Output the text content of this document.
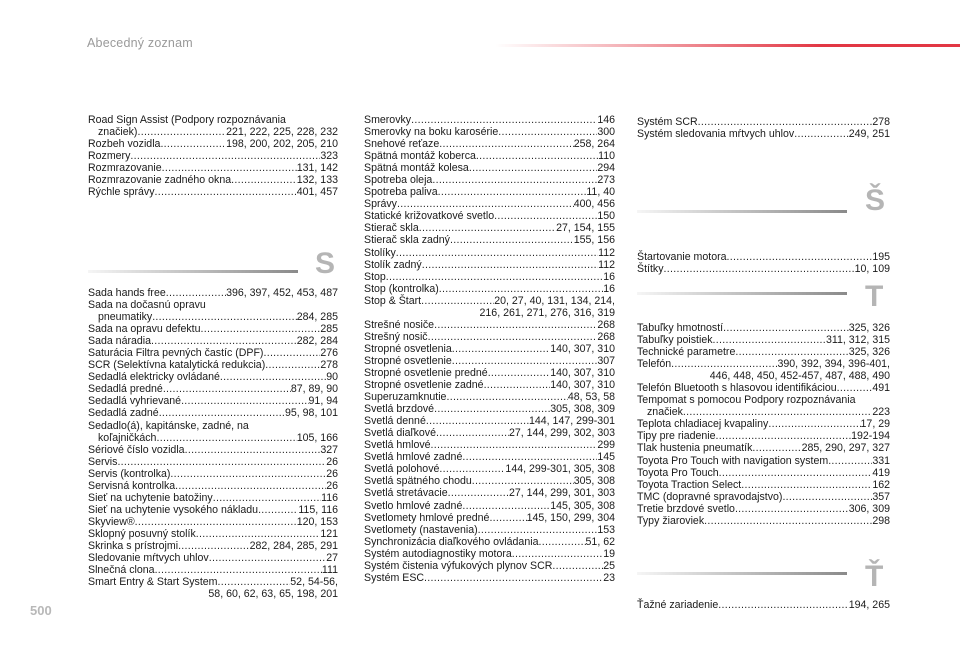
Abecedný zoznam
Road Sign Assist (Podpory rozpoznávania
značiek) .....	221, 222, 225, 228, 232
Rozbeh vozidla .....	198, 200, 202, 205, 210
Rozmery .....	323
Rozmrazovanie .....	131, 142
Rozmrazovanie zadného okna .....	132, 133
Rýchle správy .....	401, 457
S
Sada hands free .....	396, 397, 452, 453, 487
Sada na dočasnú opravu
pneumatiky .....	284, 285
Sada na opravu defektu .....	285
Sada náradia .....	282, 284
Saturácia Filtra pevných častíc (DPF) .....	276
SCR (Selektívna katalytická redukcia) .....	278
Sedadlá elektricky ovládané .....	90
Sedadlá predné .....	87, 89, 90
Sedadlá vyhrievané .....	91, 94
Sedadlá zadné .....	95, 98, 101
Sedadlo(á), kapitánske, zadné, na
koľajničkách .....	105, 166
Sériové číslo vozidla .....	327
Servis .....	26
Servis (kontrolka) .....	26
Servisná kontrolka .....	26
Sieť na uchytenie batožiny .....	116
Sieť na uchytenie vysokého nákladu .....	115, 116
Skyview® .....	120, 153
Sklopný posuvný stolík .....	121
Skrinka s prístrojmi .....	282, 284, 285, 291
Sledovanie mŕtvych uhlov .....	27
Slnečná clona .....	111
Smart Entry & Start System .....	52, 54-56,
58, 60, 62, 63, 65, 198, 201
Smerovky .....	146
Smerovky na boku karosérie .....	300
Snehové reťaze .....	258, 264
Spätná montáž koberca .....	110
Spätná montáž kolesa .....	294
Spotreba oleja .....	273
Spotreba paliva .....	11, 40
Správy .....	400, 456
Statické križovatkové svetlo .....	150
Stierač skla .....	27, 154, 155
Stierač skla zadný .....	155, 156
Stolíky .....	112
Stolík zadný .....	112
Stop .....	16
Stop (kontrolka) .....	16
Stop & Štart .....	20, 27, 40, 131, 134, 214,
216, 261, 271, 276, 316, 319
Strešné nosiče .....	268
Strešný nosič .....	268
Stropné osvetlenia .....	140, 307, 310
Stropné osvetlenie .....	307
Stropné osvetlenie predné .....	140, 307, 310
Stropné osvetlenie zadné .....	140, 307, 310
Superuzamknutie .....	48, 53, 58
Svetlá brzdové .....	305, 308, 309
Svetlá denné .....	144, 147, 299-301
Svetlá diaľkové .....	27, 144, 299, 302, 303
Svetlá hmlové .....	299
Svetlá hmlové zadné .....	145
Svetlá polohové .....	144, 299-301, 305, 308
Svetlá spätného chodu .....	305, 308
Svetlá stretávacie .....	27, 144, 299, 301, 303
Svetlo hmlové zadné .....	145, 305, 308
Svetlomety hmlové predné .....	145, 150, 299, 304
Svetlomety (nastavenia) .....	153
Synchronizácia diaľkového ovládania .....	51, 62
Systém autodiagnostiky motora .....	19
Systém čistenia výfukových plynov SCR .....	25
Systém ESC .....	23
Systém SCR .....	278
Systém sledovania mŕtvych uhlov .....	249, 251
Š
Štartovanie motora .....	195
Štítky .....	10, 109
T
Tabuľky hmotností .....	325, 326
Tabuľky poistiek .....	311, 312, 315
Technické parametre .....	325, 326
Telefón .....	390, 392, 394, 396-401,
446, 448, 450, 452-457, 487, 488, 490
Telefón Bluetooth s hlasovou identifikáciou .....	491
Tempomat s pomocou Podpory rozpoznávania
značiek .....	223
Teplota chladiacej kvapaliny .....	17, 29
Tipy pre riadenie .....	192-194
Tlak hustenia pneumatík .....	285, 290, 297, 327
Toyota Pro Touch with navigation system .....	331
Toyota Pro Touch .....	419
Toyota Traction Select .....	162
TMC (dopravné spravodajstvo) .....	357
Tretie brzdové svetlo .....	306, 309
Typy žiaroviek .....	298
Ť
Ťažné zariadenie .....	194, 265
500
